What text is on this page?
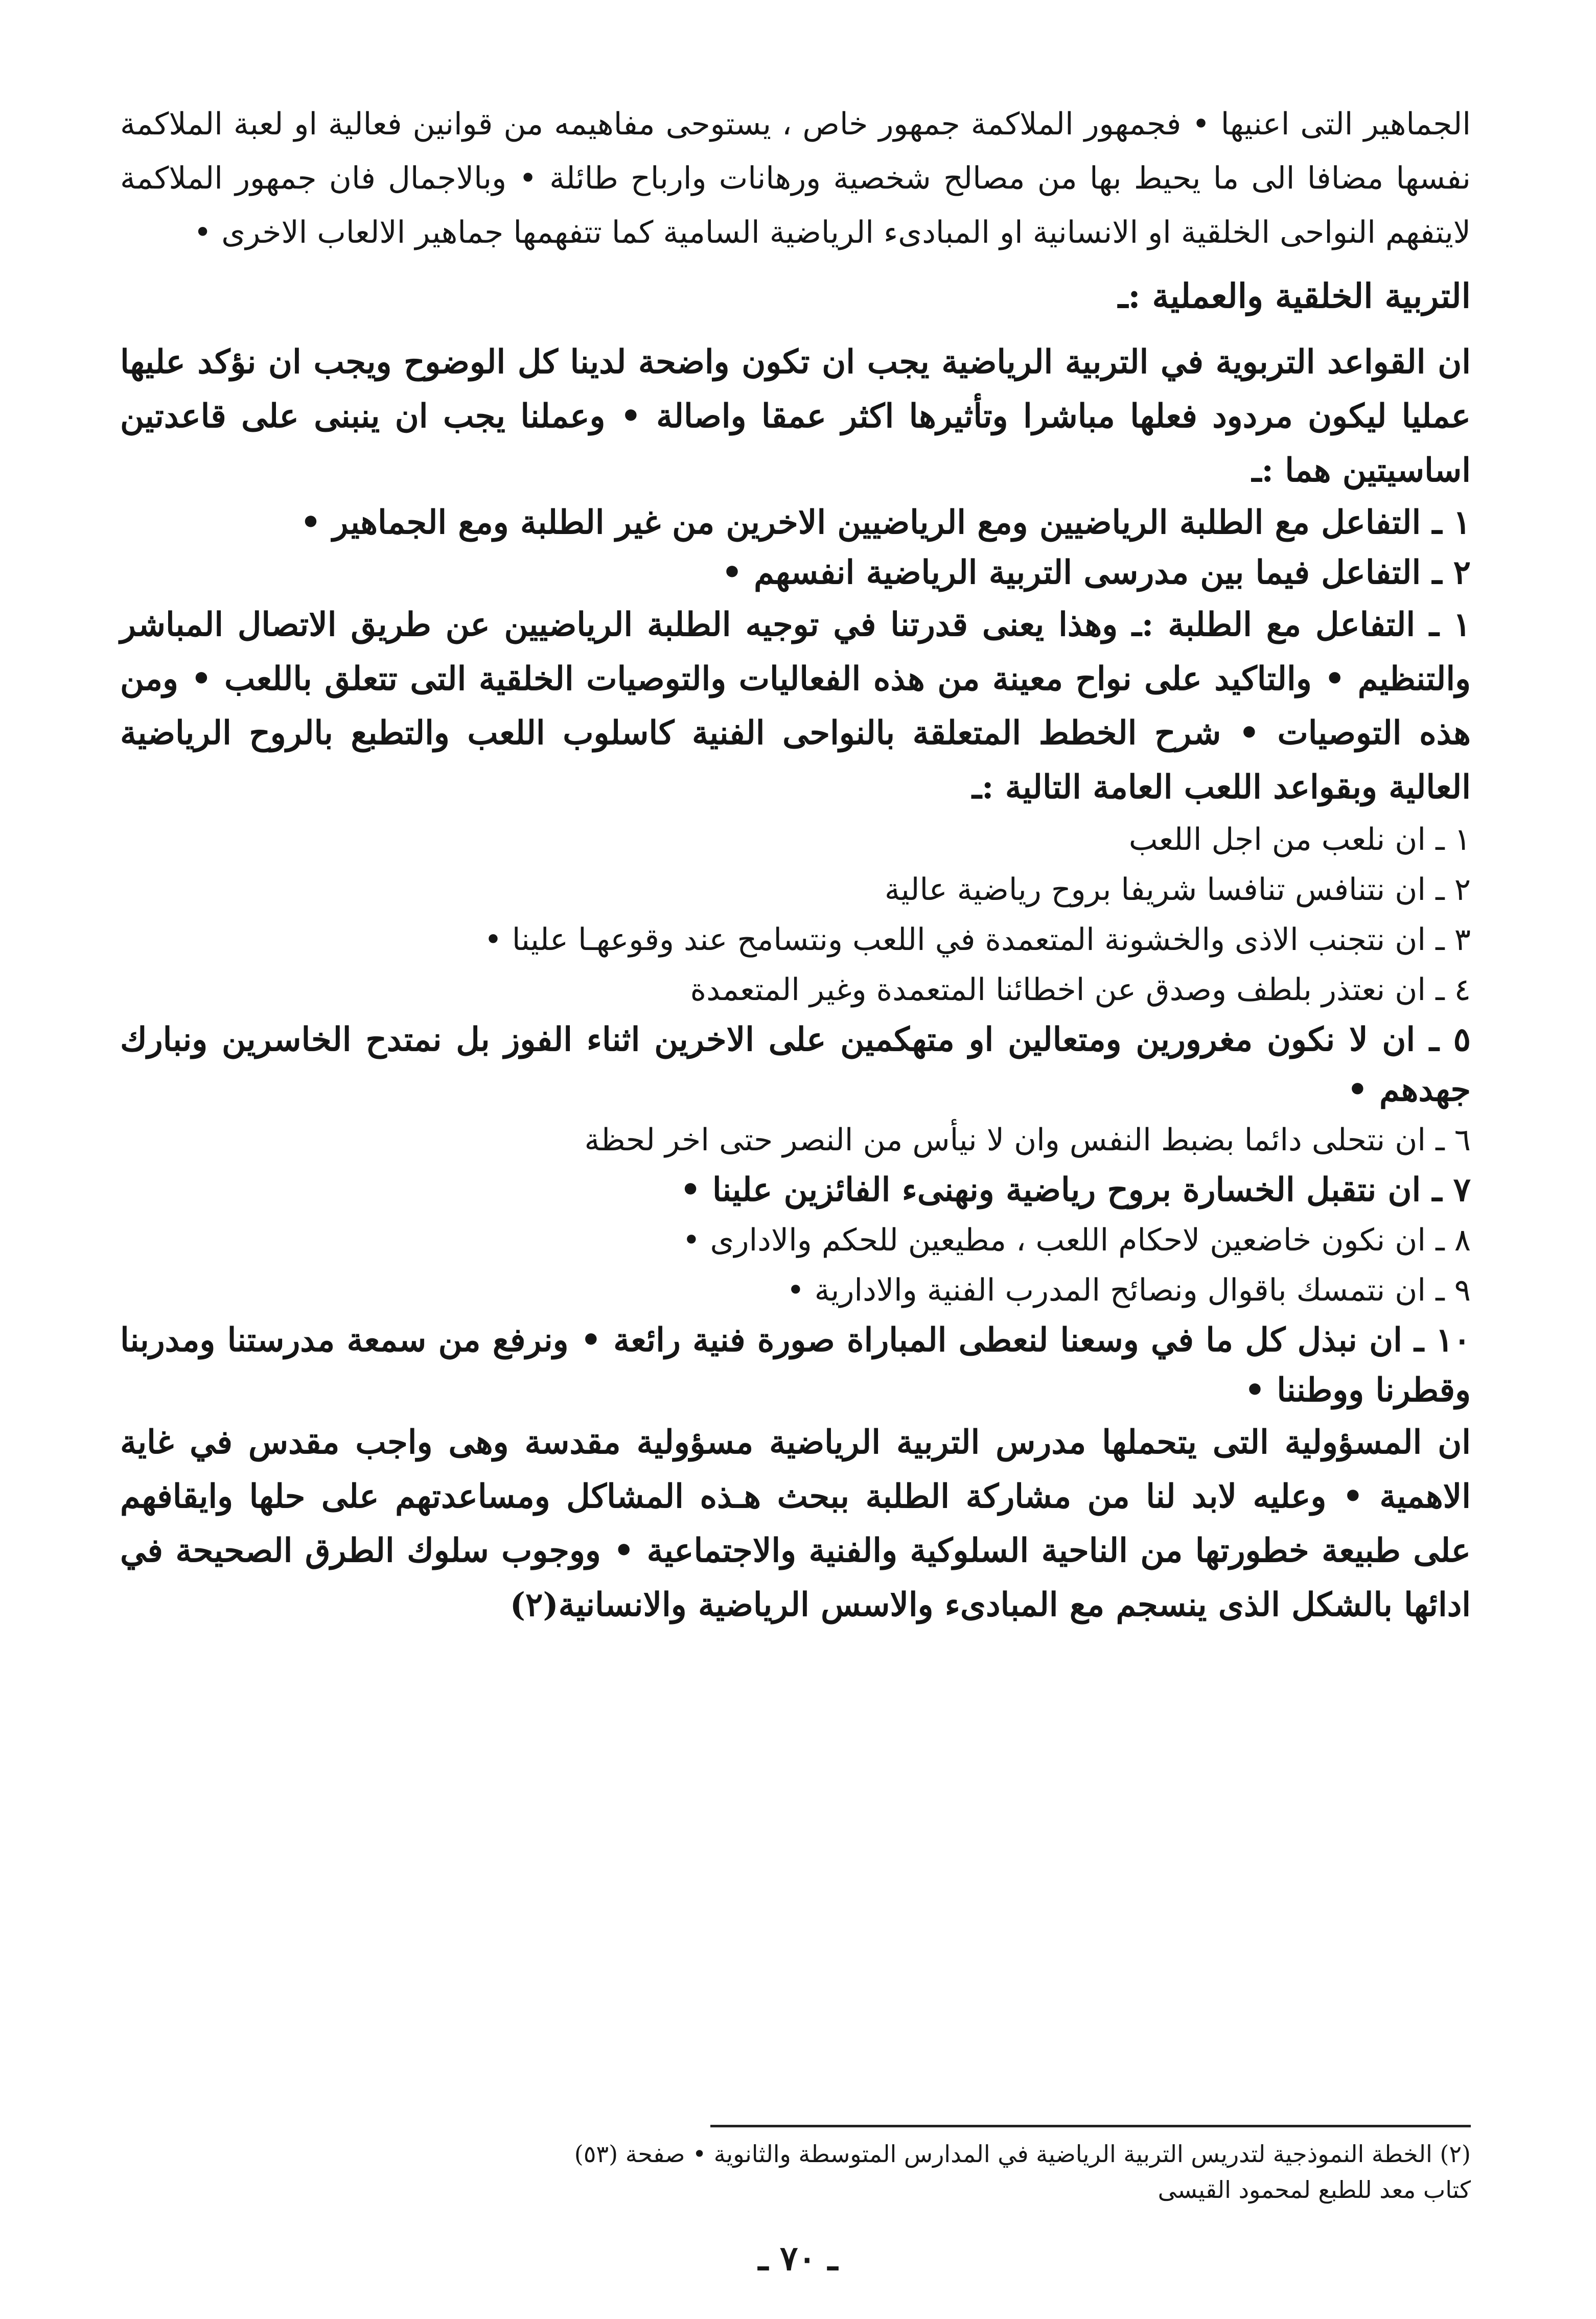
الجماهير التى اعنيها • فجمهور الملاكمة جمهور خاص ، يستوحى مفاهيمه من قوانين فعالية او لعبة الملاكمة نفسها مضافا الى ما يحيط بها من مصالح شخصية ورهانات وارباح طائلة • وبالاجمال فان جمهور الملاكمة لايتفهم النواحى الخلقية او الانسانية او المبادىء الرياضية السامية كما تتفهمها جماهير الالعاب الاخرى •

التربية الخلقية والعملية :ـ

ان القواعد التربوية في التربية الرياضية يجب ان تكون واضحة لدينا كل الوضوح ويجب ان نؤكد عليها عمليا ليكون مردود فعلها مباشرا وتأثيرها اكثر عمقا واصالة • وعملنا يجب ان ينبنى على قاعدتين اساسيتين هما :ـ

١ ـ التفاعل مع الطلبة الرياضيين ومع الرياضيين الاخرين من غير الطلبة ومع الجماهير •

٢ ـ التفاعل فيما بين مدرسى التربية الرياضية انفسهم •

١ ـ التفاعل مع الطلبة :ـ وهذا يعنى قدرتنا في توجيه الطلبة الرياضيين عن طريق الاتصال المباشر والتنظيم • والتاكيد على نواح معينة من هذه الفعاليات والتوصيات الخلقية التى تتعلق باللعب • ومن هذه التوصيات • شرح الخطط المتعلقة بالنواحى الفنية كاسلوب اللعب والتطبع بالروح الرياضية العالية وبقواعد اللعب العامة التالية :ـ

١ ـ ان نلعب من اجل اللعب

٢ ـ ان نتنافس تنافسا شريفا بروح رياضية عالية

٣ ـ ان نتجنب الاذى والخشونة المتعمدة في اللعب ونتسامح عند وقوعهـا علينا •

٤ ـ ان نعتذر بلطف وصدق عن اخطائنا المتعمدة وغير المتعمدة

٥ ـ ان لا نكون مغرورين ومتعالين او متهكمين على الاخرين اثناء الفوز بل نمتدح الخاسرين ونبارك جهدهم •

٦ ـ ان نتحلى دائما بضبط النفس وان لا نيأس من النصر حتى اخر لحظة

٧ ـ ان نتقبل الخسارة بروح رياضية ونهنىء الفائزين علينا •

٨ ـ ان نكون خاضعين لاحكام اللعب ، مطيعين للحكم والادارى •

٩ ـ ان نتمسك باقوال ونصائح المدرب الفنية والادارية •

١٠ ـ ان نبذل كل ما في وسعنا لنعطى المباراة صورة فنية رائعة • ونرفع من سمعة مدرستنا ومدربنا وقطرنا ووطننا •

ان المسؤولية التى يتحملها مدرس التربية الرياضية مسؤولية مقدسة وهى واجب مقدس في غاية الاهمية • وعليه لابد لنا من مشاركة الطلبة ببحث هـذه المشاكل ومساعدتهم على حلها وايقافهم على طبيعة خطورتها من الناحية السلوكية والفنية والاجتماعية • ووجوب سلوك الطرق الصحيحة في ادائها بالشكل الذى ينسجم مع المبادىء والاسس الرياضية والانسانية(٢)

(٢) الخطة النموذجية لتدريس التربية الرياضية في المدارس المتوسطة والثانوية • صفحة (٥٣)
كتاب معد للطبع لمحمود القيسى
ـ ٧٠ ـ
